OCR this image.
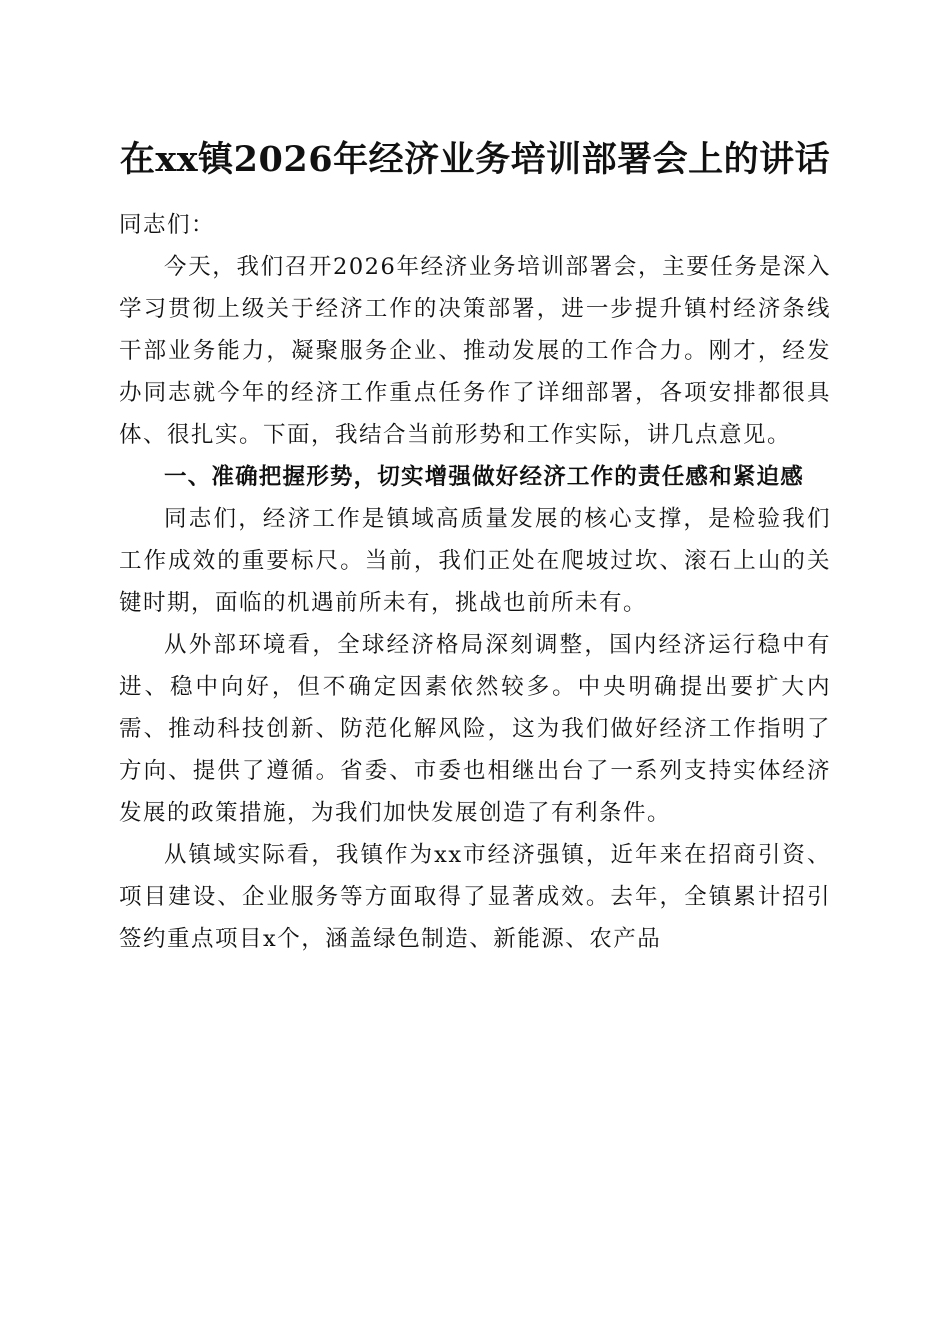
在xx镇2026年经济业务培训部署会上的讲话

同志们：

今天，我们召开2026年经济业务培训部署会，主要任务是深入学习贯彻上级关于经济工作的决策部署，进一步提升镇村经济条线干部业务能力，凝聚服务企业、推动发展的工作合力。刚才，经发办同志就今年的经济工作重点任务作了详细部署，各项安排都很具体、很扎实。下面，我结合当前形势和工作实际，讲几点意见。

一、准确把握形势，切实增强做好经济工作的责任感和紧迫感

同志们，经济工作是镇域高质量发展的核心支撑，是检验我们工作成效的重要标尺。当前，我们正处在爬坡过坎、滚石上山的关键时期，面临的机遇前所未有，挑战也前所未有。

从外部环境看，全球经济格局深刻调整，国内经济运行稳中有进、稳中向好，但不确定因素依然较多。中央明确提出要扩大内需、推动科技创新、防范化解风险，这为我们做好经济工作指明了方向、提供了遵循。省委、市委也相继出台了一系列支持实体经济发展的政策措施，为我们加快发展创造了有利条件。

从镇域实际看，我镇作为xx市经济强镇，近年来在招商引资、项目建设、企业服务等方面取得了显著成效。去年，全镇累计招引签约重点项目x个，涵盖绿色制造、新能源、农产品
